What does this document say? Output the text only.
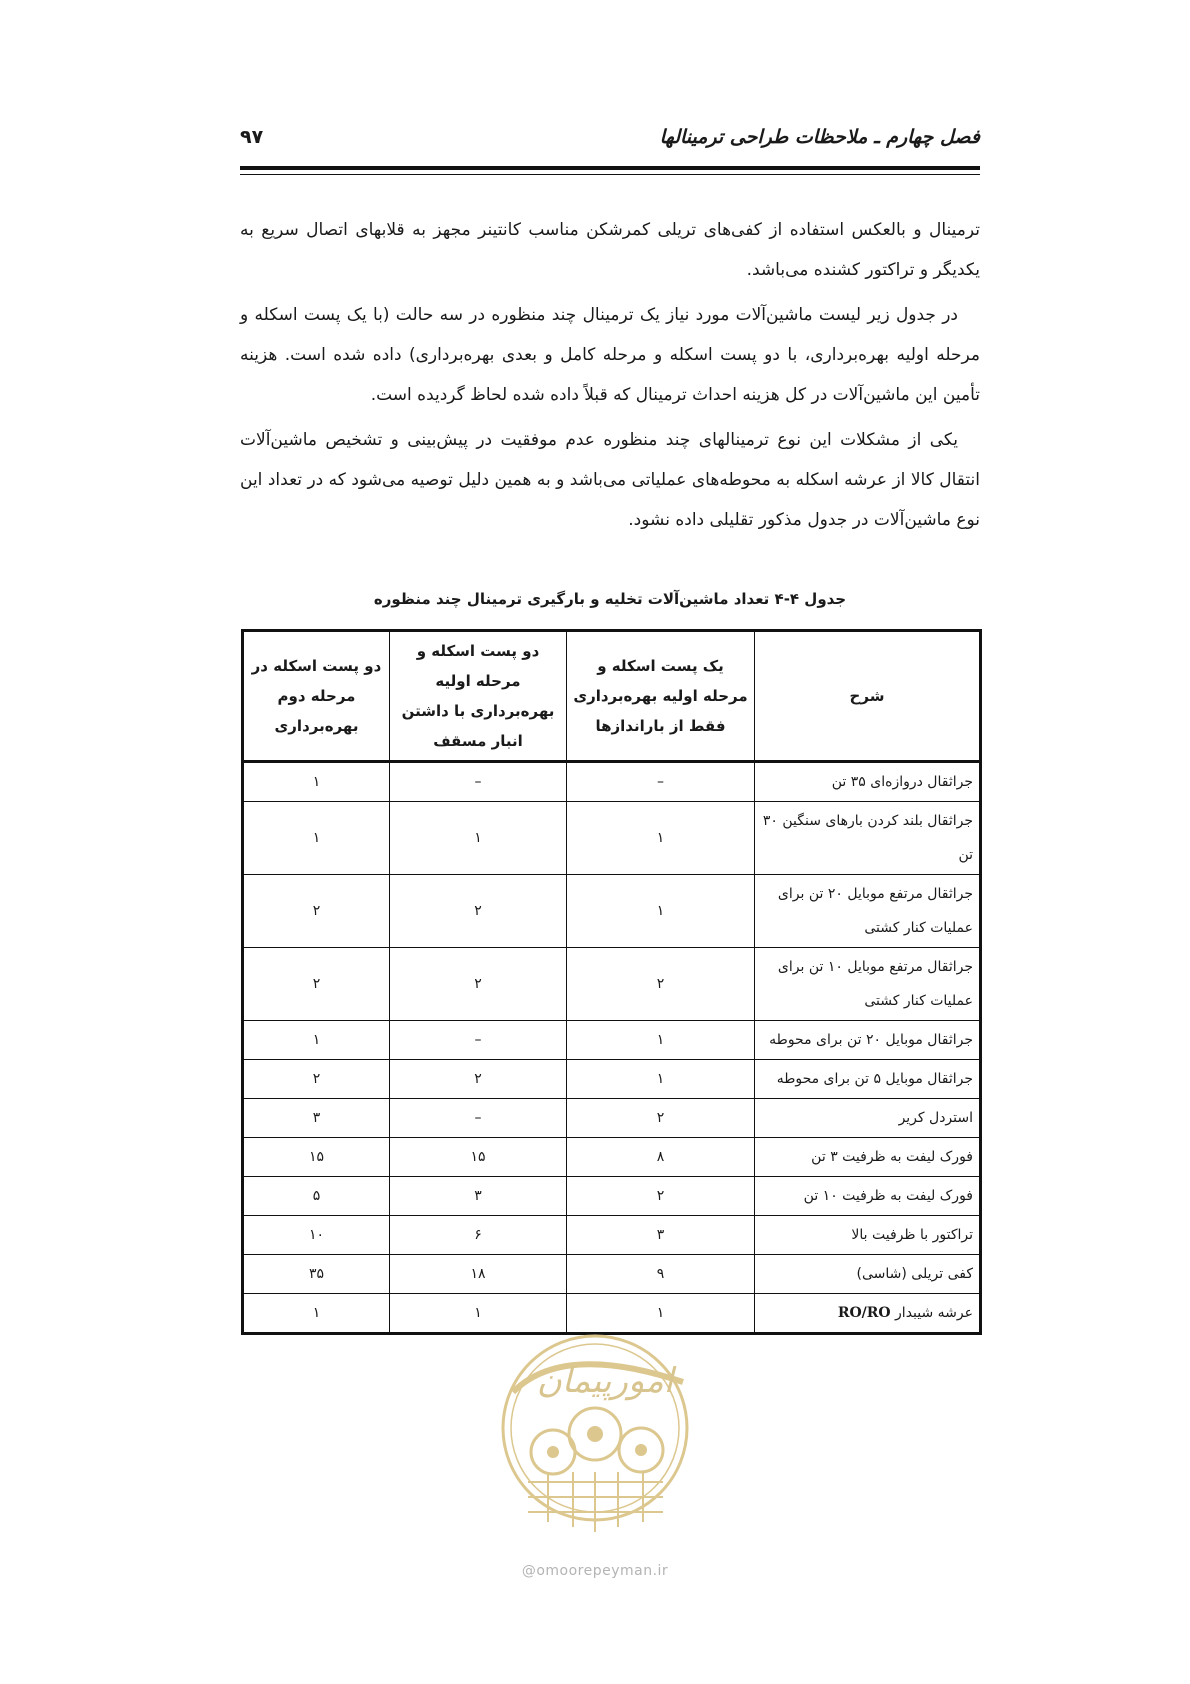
فصل چهارم ـ ملاحظات طراحی ترمینالها
۹۷

ترمینال و بالعکس استفاده از کفی‌های تریلی کمرشکن مناسب کانتینر مجهز به قلابهای اتصال سریع به یکدیگر و تراکتور کشنده می‌باشد.

در جدول زیر لیست ماشین‌آلات مورد نیاز یک ترمینال چند منظوره در سه حالت (با یک پست اسکله و مرحله اولیه بهره‌برداری، با دو پست اسکله و مرحله کامل و بعدی بهره‌برداری) داده شده است. هزینه تأمین این ماشین‌آلات در کل هزینه احداث ترمینال که قبلاً داده شده لحاظ گردیده است.

یکی از مشکلات این نوع ترمینالهای چند منظوره عدم موفقیت در پیش‌بینی و تشخیص ماشین‌آلات انتقال کالا از عرشه اسکله به محوطه‌های عملیاتی می‌باشد و به همین دلیل توصیه می‌شود که در تعداد این نوع ماشین‌آلات در جدول مذکور تقلیلی داده نشود.

جدول ۴-۴ تعداد ماشین‌آلات تخلیه و بارگیری ترمینال چند منظوره
شرح	یک پست اسکله و مرحله اولیه بهره‌برداری فقط از باراندازها	دو پست اسکله و مرحله اولیه بهره‌برداری با داشتن انبار مسقف	دو پست اسکله در مرحله دوم بهره‌برداری
جراثقال دروازه‌ای ۳۵ تن	–	–	۱
جراثقال بلند کردن بارهای سنگین ۳۰ تن	۱	۱	۱
جراثقال مرتفع موبایل ۲۰ تن برای عملیات کنار کشتی	۱	۲	۲
جراثقال مرتفع موبایل ۱۰ تن برای عملیات کنار کشتی	۲	۲	۲
جراثقال موبایل ۲۰ تن برای محوطه	۱	–	۱
جراثقال موبایل ۵ تن برای محوطه	۱	۲	۲
استردل کریر	۲	–	۳
فورک لیفت به ظرفیت ۳ تن	۸	۱۵	۱۵
فورک لیفت به ظرفیت ۱۰ تن	۲	۳	۵
تراکتور با ظرفیت بالا	۳	۶	۱۰
کفی تریلی (شاسی)	۹	۱۸	۳۵
عرشه شیبدار RO/RO	۱	۱	۱
امورپیمان
@omoorepeyman.ir
